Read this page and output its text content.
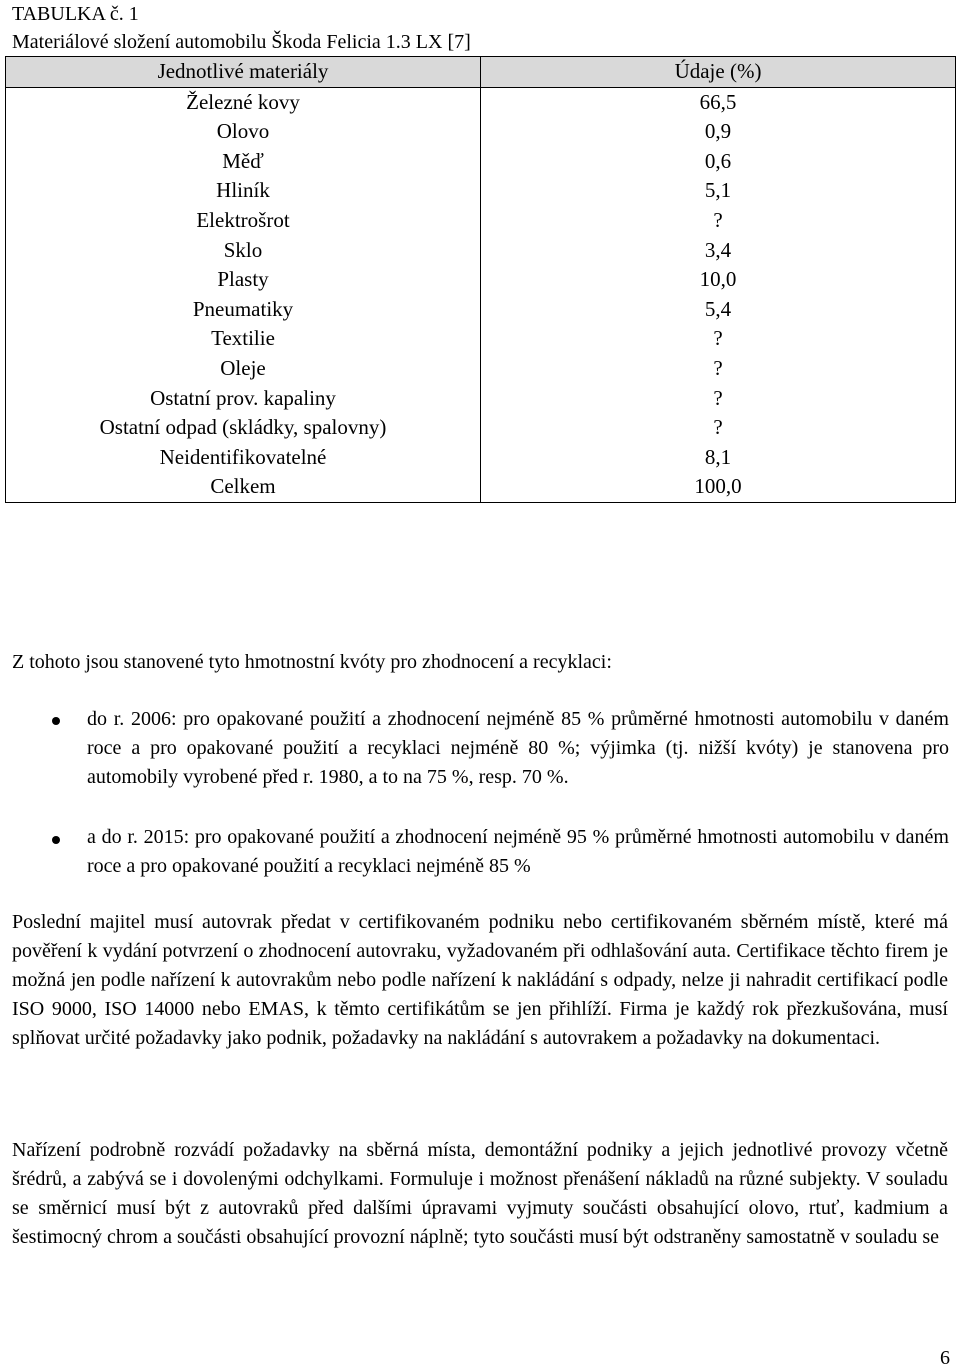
TABULKA č. 1
Materiálové složení automobilu Škoda Felicia 1.3 LX [7]
Jednotlivé materiály	Údaje (%)
Železné kovy	66,5
Olovo	0,9
Měď	0,6
Hliník	5,1
Elektrošrot	?
Sklo	3,4
Plasty	10,0
Pneumatiky	5,4
Textilie	?
Oleje	?
Ostatní prov. kapaliny	?
Ostatní odpad (skládky, spalovny)	?
Neidentifikovatelné	8,1
Celkem	100,0
Z tohoto jsou stanovené tyto hmotnostní kvóty pro zhodnocení a recyklaci:
do r. 2006: pro opakované použití a zhodnocení nejméně 85 % průměrné hmotnosti automobilu v daném roce a pro opakované použití a recyklaci nejméně 80 %; výjimka (tj. nižší kvóty) je stanovena pro automobily vyrobené před r. 1980, a to na 75 %, resp. 70 %.
a do r. 2015: pro opakované použití a zhodnocení nejméně 95 % průměrné hmotnosti automobilu v daném roce a pro opakované použití a recyklaci nejméně 85 %
Poslední majitel musí autovrak předat v certifikovaném podniku nebo certifikovaném sběrném místě, které má pověření k vydání potvrzení o zhodnocení autovraku, vyžadovaném při odhlašování auta. Certifikace těchto firem je možná jen podle nařízení k autovrakům nebo podle nařízení k nakládání s odpady, nelze ji nahradit certifikací podle ISO 9000, ISO 14000 nebo EMAS, k těmto certifikátům se jen přihlíží. Firma je každý rok přezkušována, musí splňovat určité požadavky jako podnik, požadavky na nakládání s autovrakem a požadavky na dokumentaci.
Nařízení podrobně rozvádí požadavky na sběrná místa, demontážní podniky a jejich jednotlivé provozy včetně šrédrů, a zabývá se i dovolenými odchylkami. Formuluje i možnost přenášení nákladů na různé subjekty. V souladu se směrnicí musí být z autovraků před dalšími úpravami vyjmuty součásti obsahující olovo, rtuť, kadmium a šestimocný chrom a součásti obsahující provozní náplně; tyto součásti musí být odstraněny samostatně v souladu se
6
